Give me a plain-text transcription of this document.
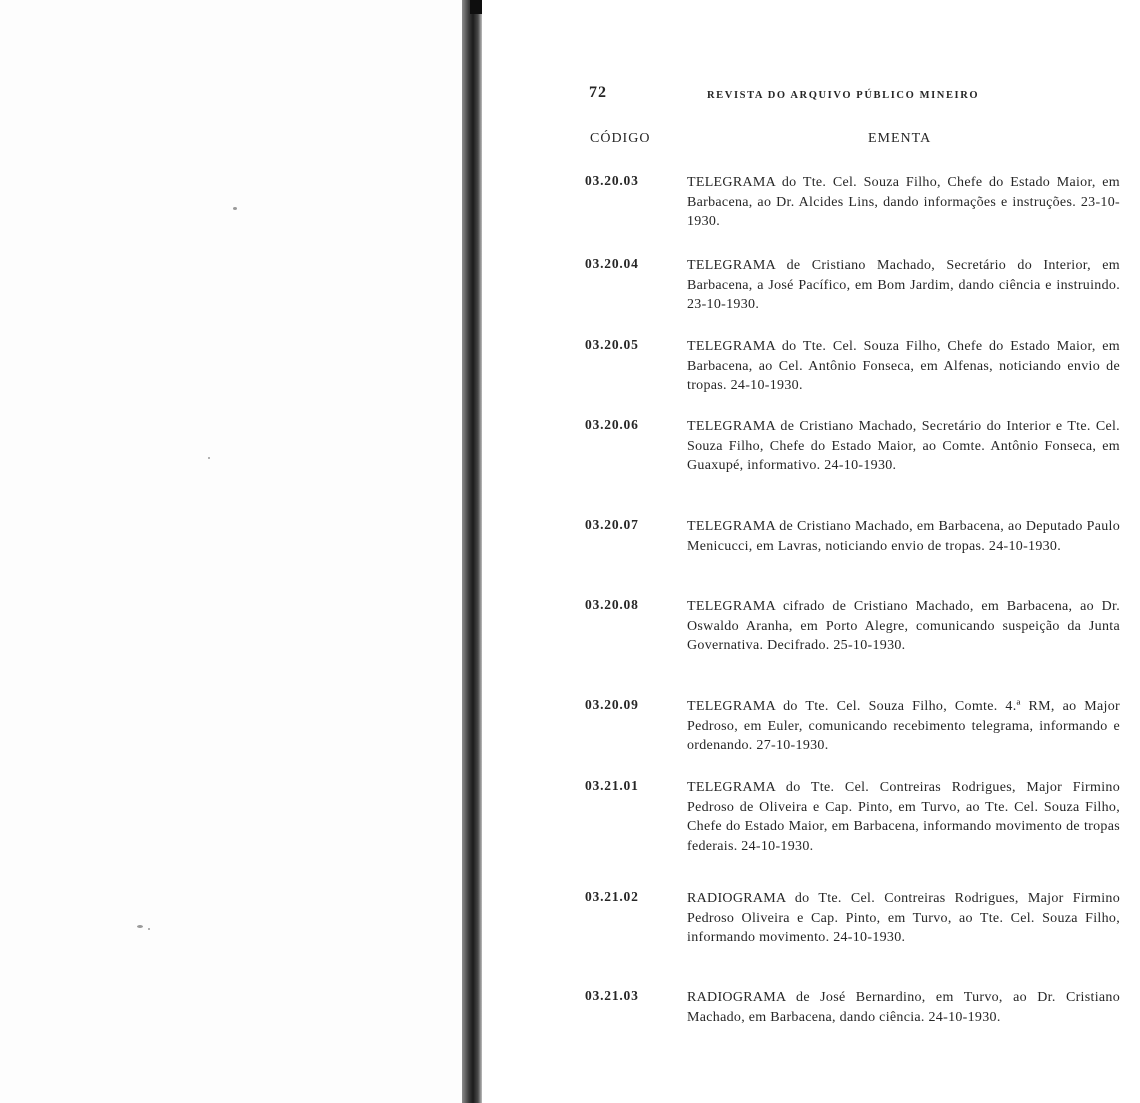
72	REVISTA DO ARQUIVO PÚBLICO MINEIRO
CÓDIGO	EMENTA
03.20.03	TELEGRAMA do Tte. Cel. Souza Filho, Chefe do Estado Maior, em Barbacena, ao Dr. Alcides Lins, dando informações e instruções. 23-10-1930.
03.20.04	TELEGRAMA de Cristiano Machado, Secretário do Interior, em Barbacena, a José Pacífico, em Bom Jardim, dando ciência e instruindo. 23-10-1930.
03.20.05	TELEGRAMA do Tte. Cel. Souza Filho, Chefe do Estado Maior, em Barbacena, ao Cel. Antônio Fonseca, em Alfenas, noticiando envio de tropas. 24-10-1930.
03.20.06	TELEGRAMA de Cristiano Machado, Secretário do Interior e Tte. Cel. Souza Filho, Chefe do Estado Maior, ao Comte. Antônio Fonseca, em Guaxupé, informativo. 24-10-1930.
03.20.07	TELEGRAMA de Cristiano Machado, em Barbacena, ao Deputado Paulo Menicucci, em Lavras, noticiando envio de tropas. 24-10-1930.
03.20.08	TELEGRAMA cifrado de Cristiano Machado, em Barbacena, ao Dr. Oswaldo Aranha, em Porto Alegre, comunicando suspeição da Junta Governativa. Decifrado. 25-10-1930.
03.20.09	TELEGRAMA do Tte. Cel. Souza Filho, Comte. 4.ª RM, ao Major Pedroso, em Euler, comunicando recebimento telegrama, informando e ordenando. 27-10-1930.
03.21.01	TELEGRAMA do Tte. Cel. Contreiras Rodrigues, Major Firmino Pedroso de Oliveira e Cap. Pinto, em Turvo, ao Tte. Cel. Souza Filho, Chefe do Estado Maior, em Barbacena, informando movimento de tropas federais. 24-10-1930.
03.21.02	RADIOGRAMA do Tte. Cel. Contreiras Rodrigues, Major Firmino Pedroso Oliveira e Cap. Pinto, em Turvo, ao Tte. Cel. Souza Filho, informando movimento. 24-10-1930.
03.21.03	RADIOGRAMA de José Bernardino, em Turvo, ao Dr. Cristiano Machado, em Barbacena, dando ciência. 24-10-1930.
